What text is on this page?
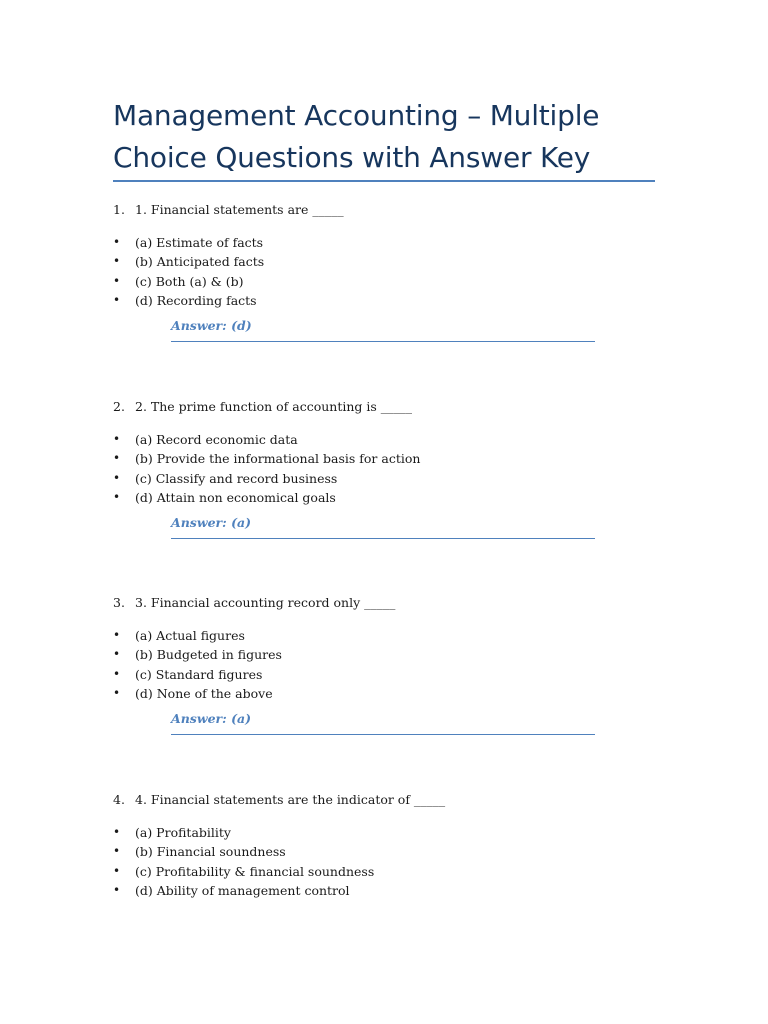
Management Accounting – Multiple Choice Questions with Answer Key
1. 1. Financial statements are _____
• (a) Estimate of facts
• (b) Anticipated facts
• (c) Both (a) & (b)
• (d) Recording facts
Answer: (d)
2. 2. The prime function of accounting is _____
• (a) Record economic data
• (b) Provide the informational basis for action
• (c) Classify and record business
• (d) Attain non economical goals
Answer: (a)
3. 3. Financial accounting record only _____
• (a) Actual figures
• (b) Budgeted in figures
• (c) Standard figures
• (d) None of the above
Answer: (a)
4. 4. Financial statements are the indicator of _____
• (a) Profitability
• (b) Financial soundness
• (c) Profitability & financial soundness
• (d) Ability of management control
